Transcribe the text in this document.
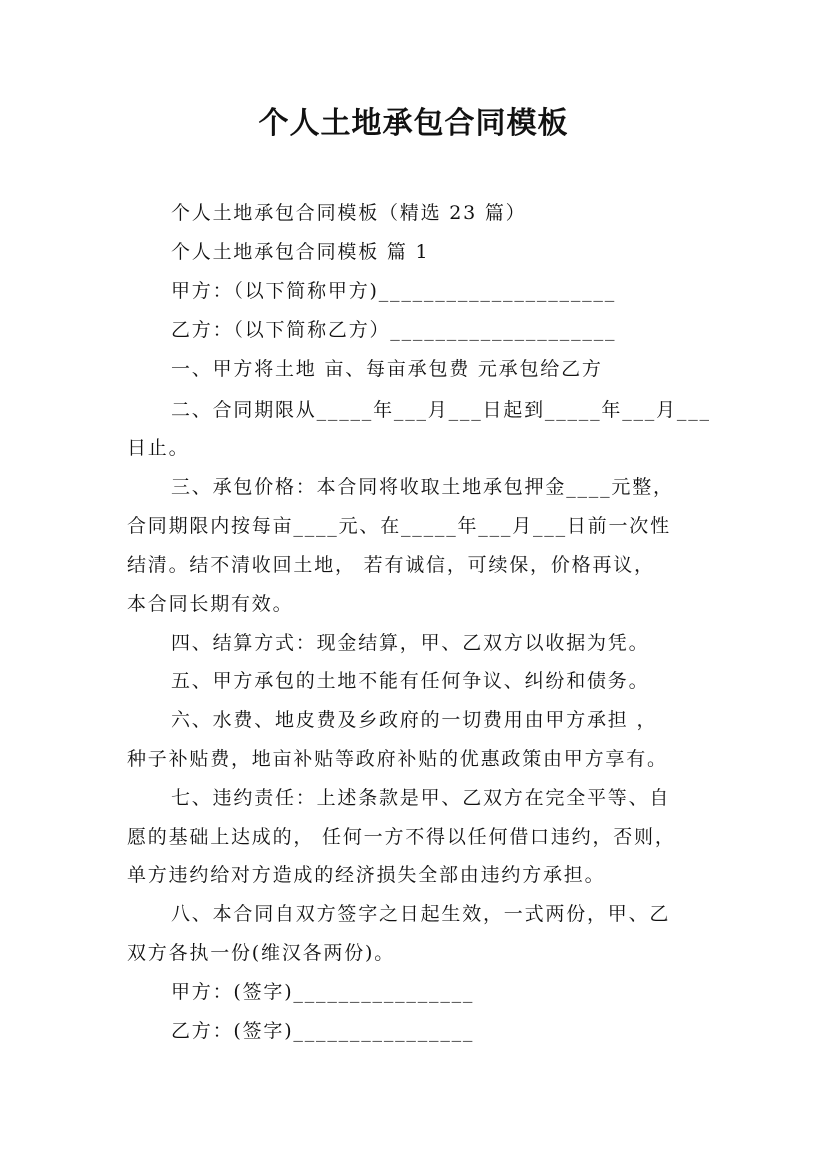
个人土地承包合同模板
个人土地承包合同模板（精选 23 篇）
个人土地承包合同模板 篇 1
甲方：（以下简称甲方)_____________________
乙方：（以下简称乙方）____________________
一、甲方将土地 亩、每亩承包费 元承包给乙方
二、合同期限从_____年___月___日起到_____年___月___
日止。
三、承包价格：本合同将收取土地承包押金____元整，
合同期限内按每亩____元、在_____年___月___日前一次性
结清。结不清收回土地， 若有诚信，可续保，价格再议，
本合同长期有效。
四、结算方式：现金结算，甲、乙双方以收据为凭。
五、甲方承包的土地不能有任何争议、纠纷和债务。
六、水费、地皮费及乡政府的一切费用由甲方承担 ，
种子补贴费，地亩补贴等政府补贴的优惠政策由甲方享有。
七、违约责任：上述条款是甲、乙双方在完全平等、自
愿的基础上达成的， 任何一方不得以任何借口违约，否则，
单方违约给对方造成的经济损失全部由违约方承担。
八、本合同自双方签字之日起生效，一式两份，甲、乙
双方各执一份(维汉各两份)。
甲方：(签字)________________
乙方：(签字)________________
